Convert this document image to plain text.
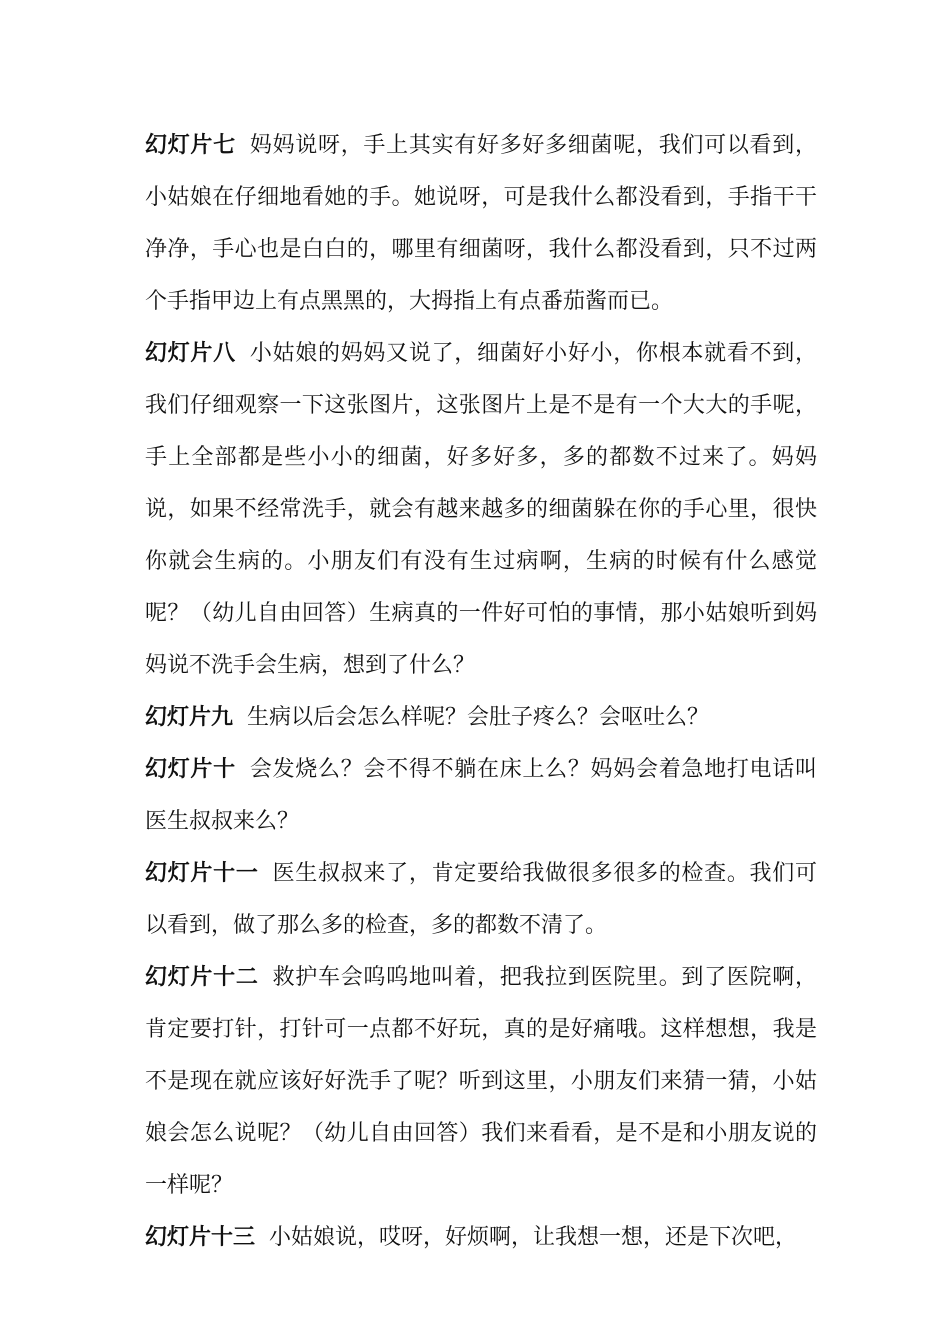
幻灯片七 妈妈说呀，手上其实有好多好多细菌呢，我们可以看到，小姑娘在仔细地看她的手。她说呀，可是我什么都没看到，手指干干净净，手心也是白白的，哪里有细菌呀，我什么都没看到，只不过两个手指甲边上有点黑黑的，大拇指上有点番茄酱而已。

幻灯片八 小姑娘的妈妈又说了，细菌好小好小，你根本就看不到，我们仔细观察一下这张图片，这张图片上是不是有一个大大的手呢，手上全部都是些小小的细菌，好多好多，多的都数不过来了。妈妈说，如果不经常洗手，就会有越来越多的细菌躲在你的手心里，很快你就会生病的。小朋友们有没有生过病啊，生病的时候有什么感觉呢？（幼儿自由回答）生病真的一件好可怕的事情，那小姑娘听到妈妈说不洗手会生病，想到了什么？

幻灯片九 生病以后会怎么样呢？会肚子疼么？会呕吐么？

幻灯片十 会发烧么？会不得不躺在床上么？妈妈会着急地打电话叫医生叔叔来么？

幻灯片十一 医生叔叔来了，肯定要给我做很多很多的检查。我们可以看到，做了那么多的检查，多的都数不清了。

幻灯片十二 救护车会呜呜地叫着，把我拉到医院里。到了医院啊，肯定要打针，打针可一点都不好玩，真的是好痛哦。这样想想，我是不是现在就应该好好洗手了呢？听到这里，小朋友们来猜一猜，小姑娘会怎么说呢？（幼儿自由回答）我们来看看，是不是和小朋友说的一样呢？

幻灯片十三 小姑娘说，哎呀，好烦啊，让我想一想，还是下次吧，
